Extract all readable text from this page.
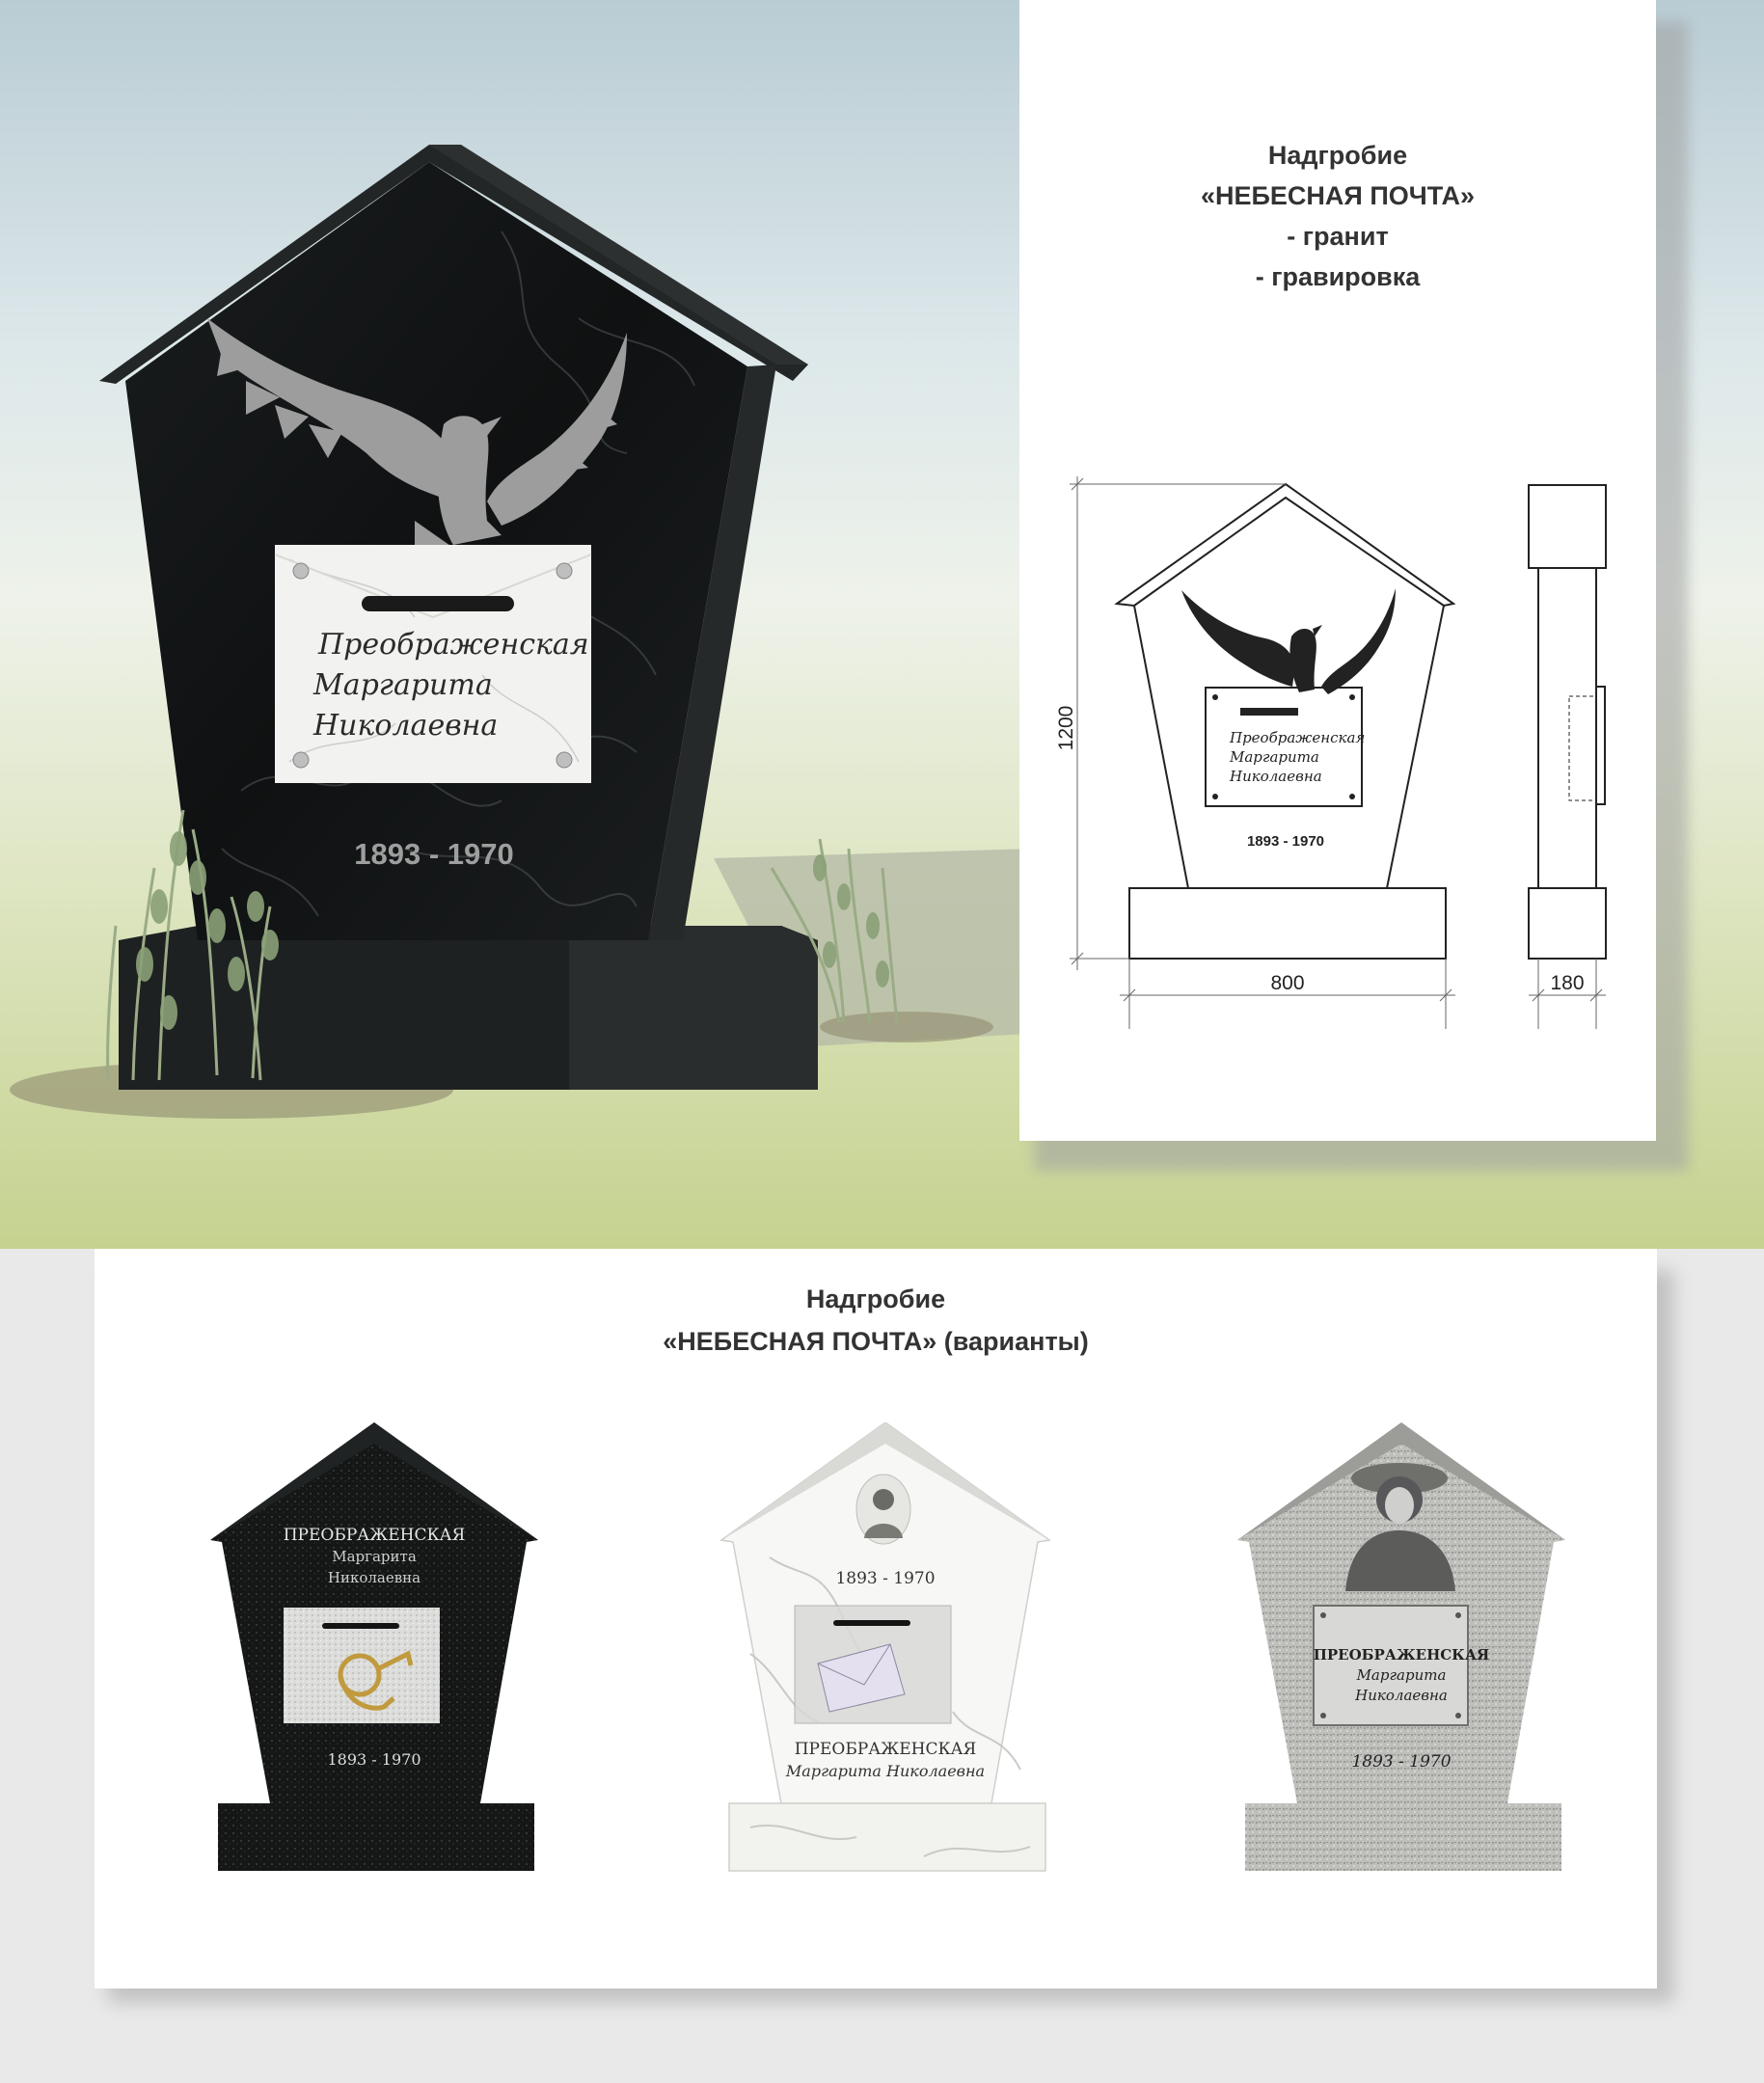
Преображенская
Маргарита
Николаевна
1893 - 1970
Надгробие
«НЕБЕСНАЯ ПОЧТА»
- гранит
- гравировка
Преображенская
Маргарита
Николаевна
1893 - 1970
1200
800	180
Надгробие
«НЕБЕСНАЯ ПОЧТА» (варианты)
ПРЕОБРАЖЕНСКАЯ
Маргарита
Николаевна
1893 - 1970
1893 - 1970
ПРЕОБРАЖЕНСКАЯ
Маргарита Николаевна
ПРЕОБРАЖЕНСКАЯ
Маргарита
Николаевна
1893 - 1970
